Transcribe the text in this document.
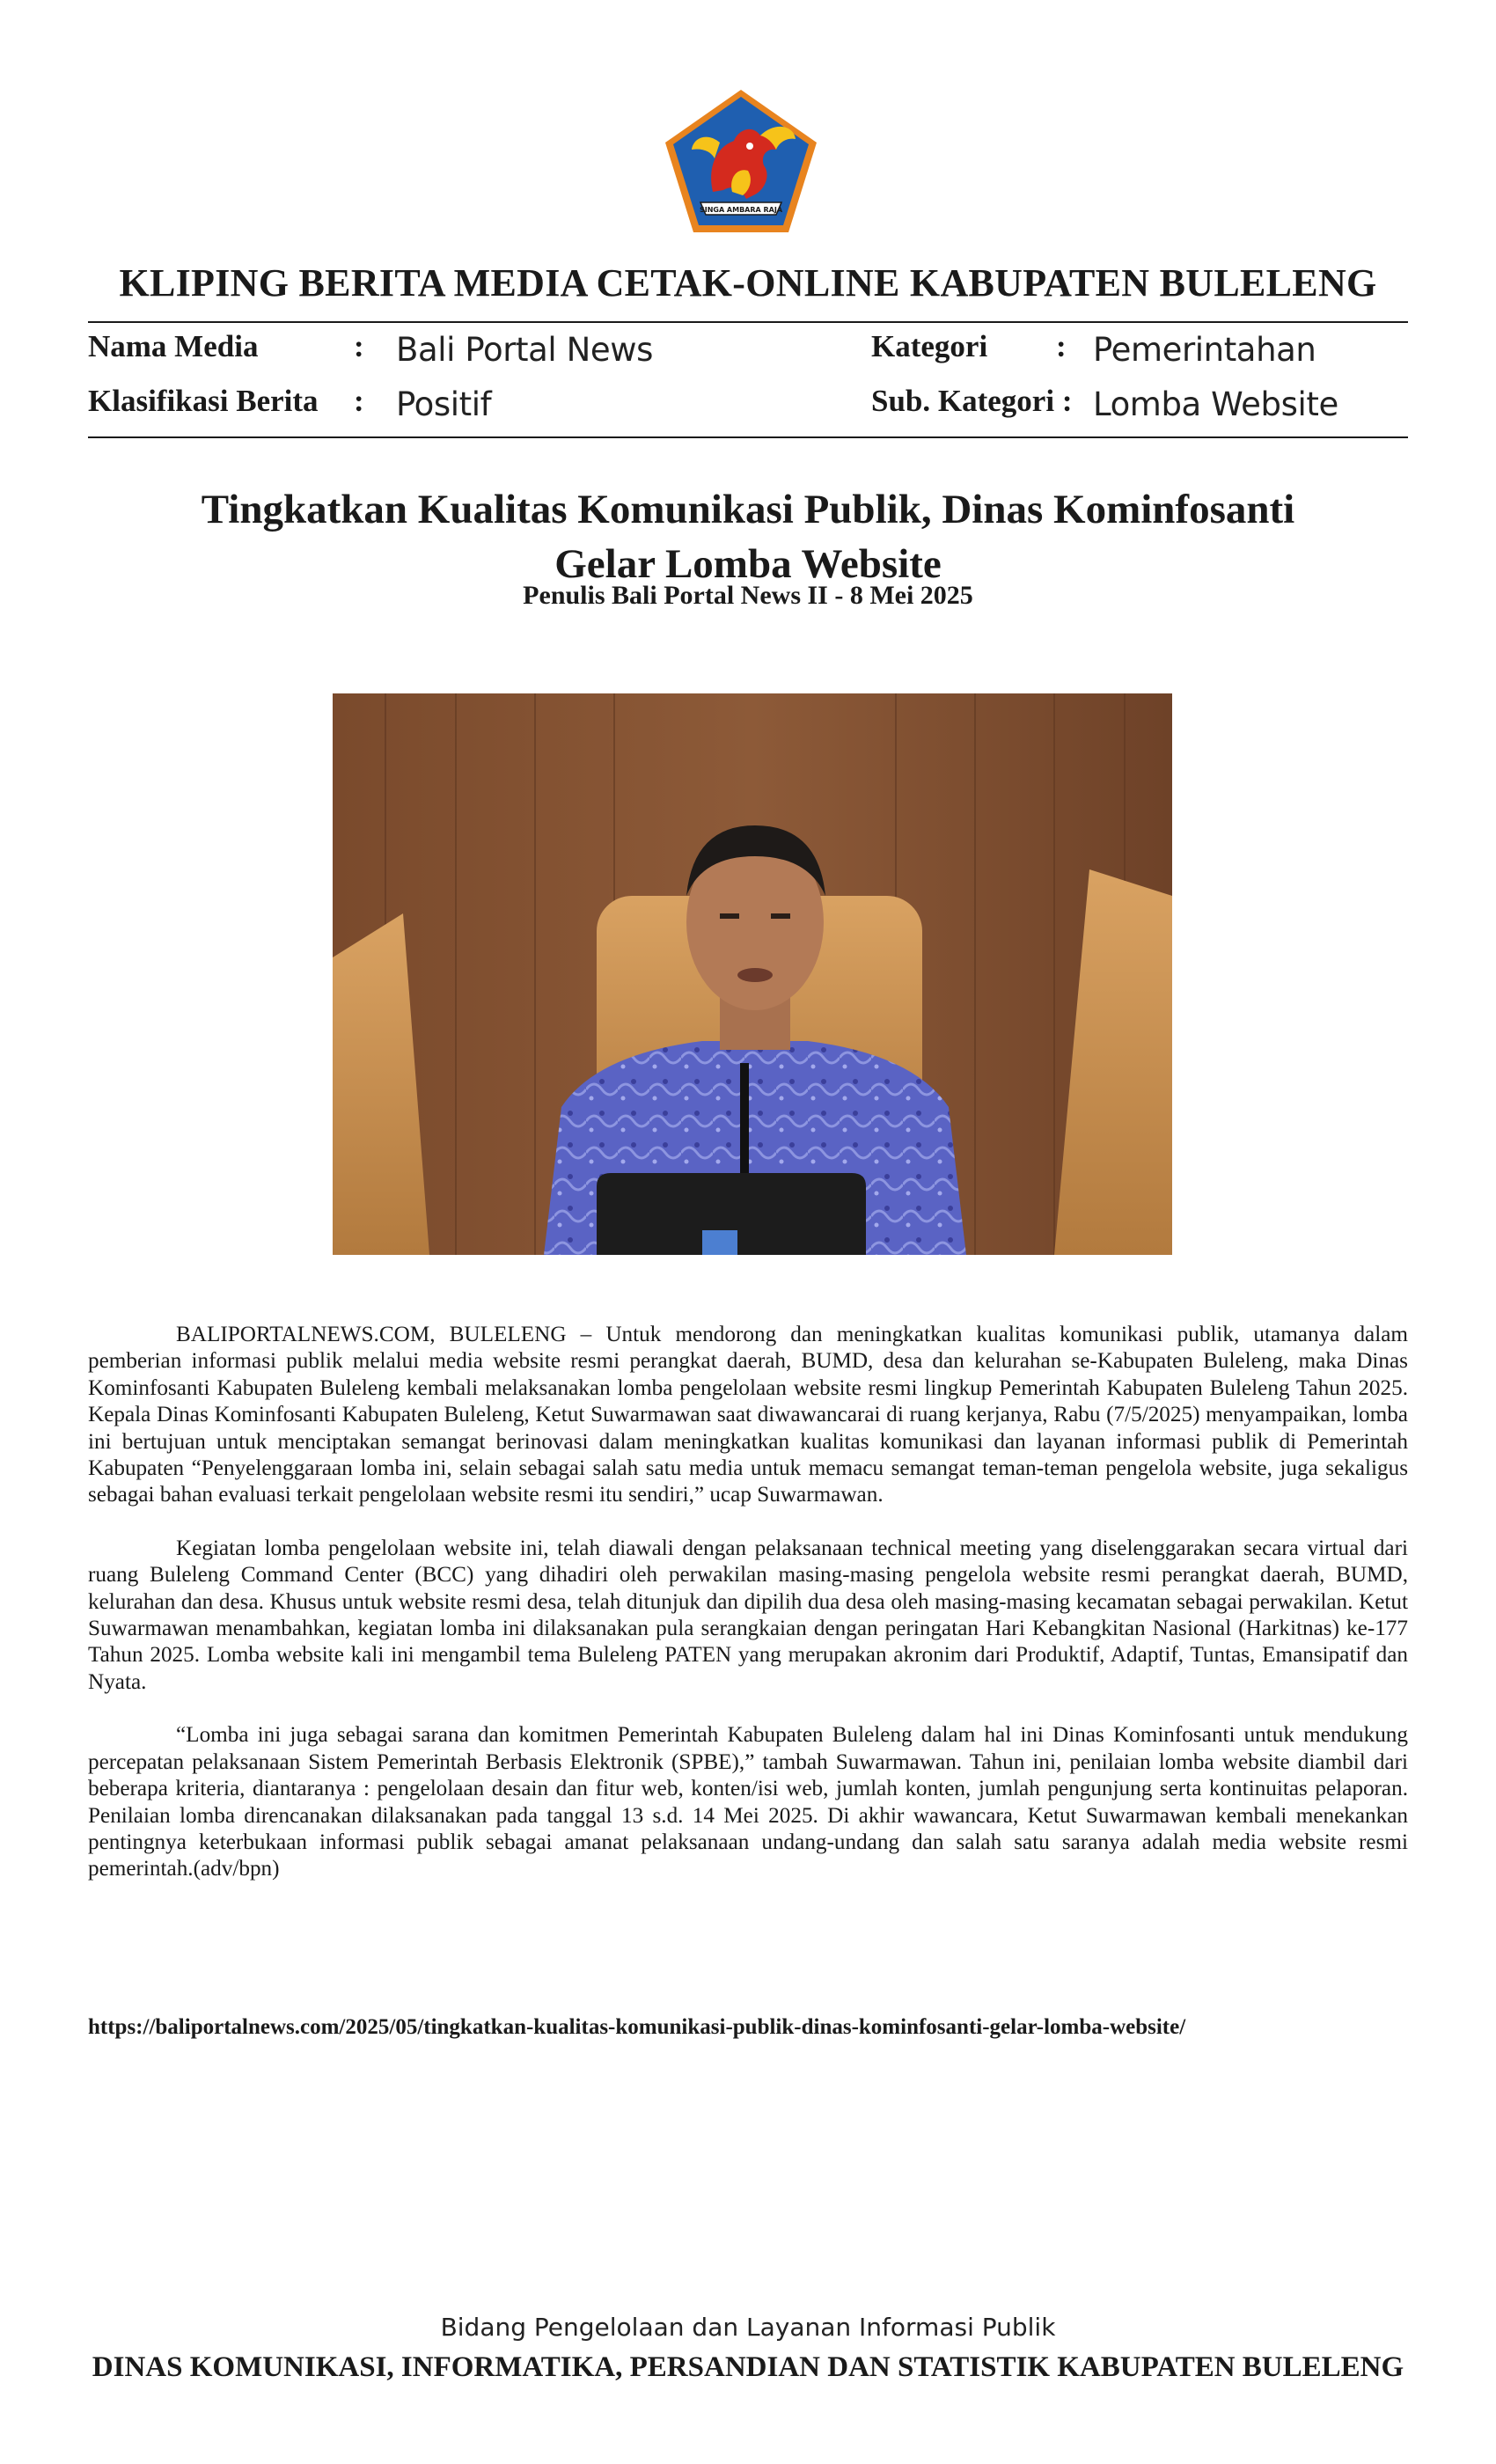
SINGA AMBARA RAJA
KLIPING BERITA MEDIA CETAK-ONLINE KABUPATEN BULELENG
Nama Media	: Bali Portal News	Kategori : Pemerintahan
Klasifikasi Berita : Positif	Sub. Kategori : Lomba Website
Tingkatkan Kualitas Komunikasi Publik, Dinas Kominfosanti
Gelar Lomba Website
Penulis Bali Portal News II - 8 Mei 2025

BALIPORTALNEWS.COM, BULELENG – Untuk mendorong dan meningkatkan kualitas komunikasi publik, utamanya dalam pemberian informasi publik melalui media website resmi perangkat daerah, BUMD, desa dan kelurahan se-Kabupaten Buleleng, maka Dinas Kominfosanti Kabupaten Buleleng kembali melaksanakan lomba pengelolaan website resmi lingkup Pemerintah Kabupaten Buleleng Tahun 2025. Kepala Dinas Kominfosanti Kabupaten Buleleng, Ketut Suwarmawan saat diwawancarai di ruang kerjanya, Rabu (7/5/2025) menyampaikan, lomba ini bertujuan untuk menciptakan semangat berinovasi dalam meningkatkan kualitas komunikasi dan layanan informasi publik di Pemerintah Kabupaten “Penyelenggaraan lomba ini, selain sebagai salah satu media untuk memacu semangat teman-teman pengelola website, juga sekaligus sebagai bahan evaluasi terkait pengelolaan website resmi itu sendiri,” ucap Suwarmawan.

Kegiatan lomba pengelolaan website ini, telah diawali dengan pelaksanaan technical meeting yang diselenggarakan secara virtual dari ruang Buleleng Command Center (BCC) yang dihadiri oleh perwakilan masing-masing pengelola website resmi perangkat daerah, BUMD, kelurahan dan desa. Khusus untuk website resmi desa, telah ditunjuk dan dipilih dua desa oleh masing-masing kecamatan sebagai perwakilan. Ketut Suwarmawan menambahkan, kegiatan lomba ini dilaksanakan pula serangkaian dengan peringatan Hari Kebangkitan Nasional (Harkitnas) ke-177 Tahun 2025. Lomba website kali ini mengambil tema Buleleng PATEN yang merupakan akronim dari Produktif, Adaptif, Tuntas, Emansipatif dan Nyata.

“Lomba ini juga sebagai sarana dan komitmen Pemerintah Kabupaten Buleleng dalam hal ini Dinas Kominfosanti untuk mendukung percepatan pelaksanaan Sistem Pemerintah Berbasis Elektronik (SPBE),” tambah Suwarmawan. Tahun ini, penilaian lomba website diambil dari beberapa kriteria, diantaranya : pengelolaan desain dan fitur web, konten/isi web, jumlah konten, jumlah pengunjung serta kontinuitas pelaporan. Penilaian lomba direncanakan dilaksanakan pada tanggal 13 s.d. 14 Mei 2025. Di akhir wawancara, Ketut Suwarmawan kembali menekankan pentingnya keterbukaan informasi publik sebagai amanat pelaksanaan undang-undang dan salah satu saranya adalah media website resmi pemerintah.(adv/bpn)

https://baliportalnews.com/2025/05/tingkatkan-kualitas-komunikasi-publik-dinas-kominfosanti-gelar-lomba-website/
Bidang Pengelolaan dan Layanan Informasi Publik
DINAS KOMUNIKASI, INFORMATIKA, PERSANDIAN DAN STATISTIK KABUPATEN BULELENG
